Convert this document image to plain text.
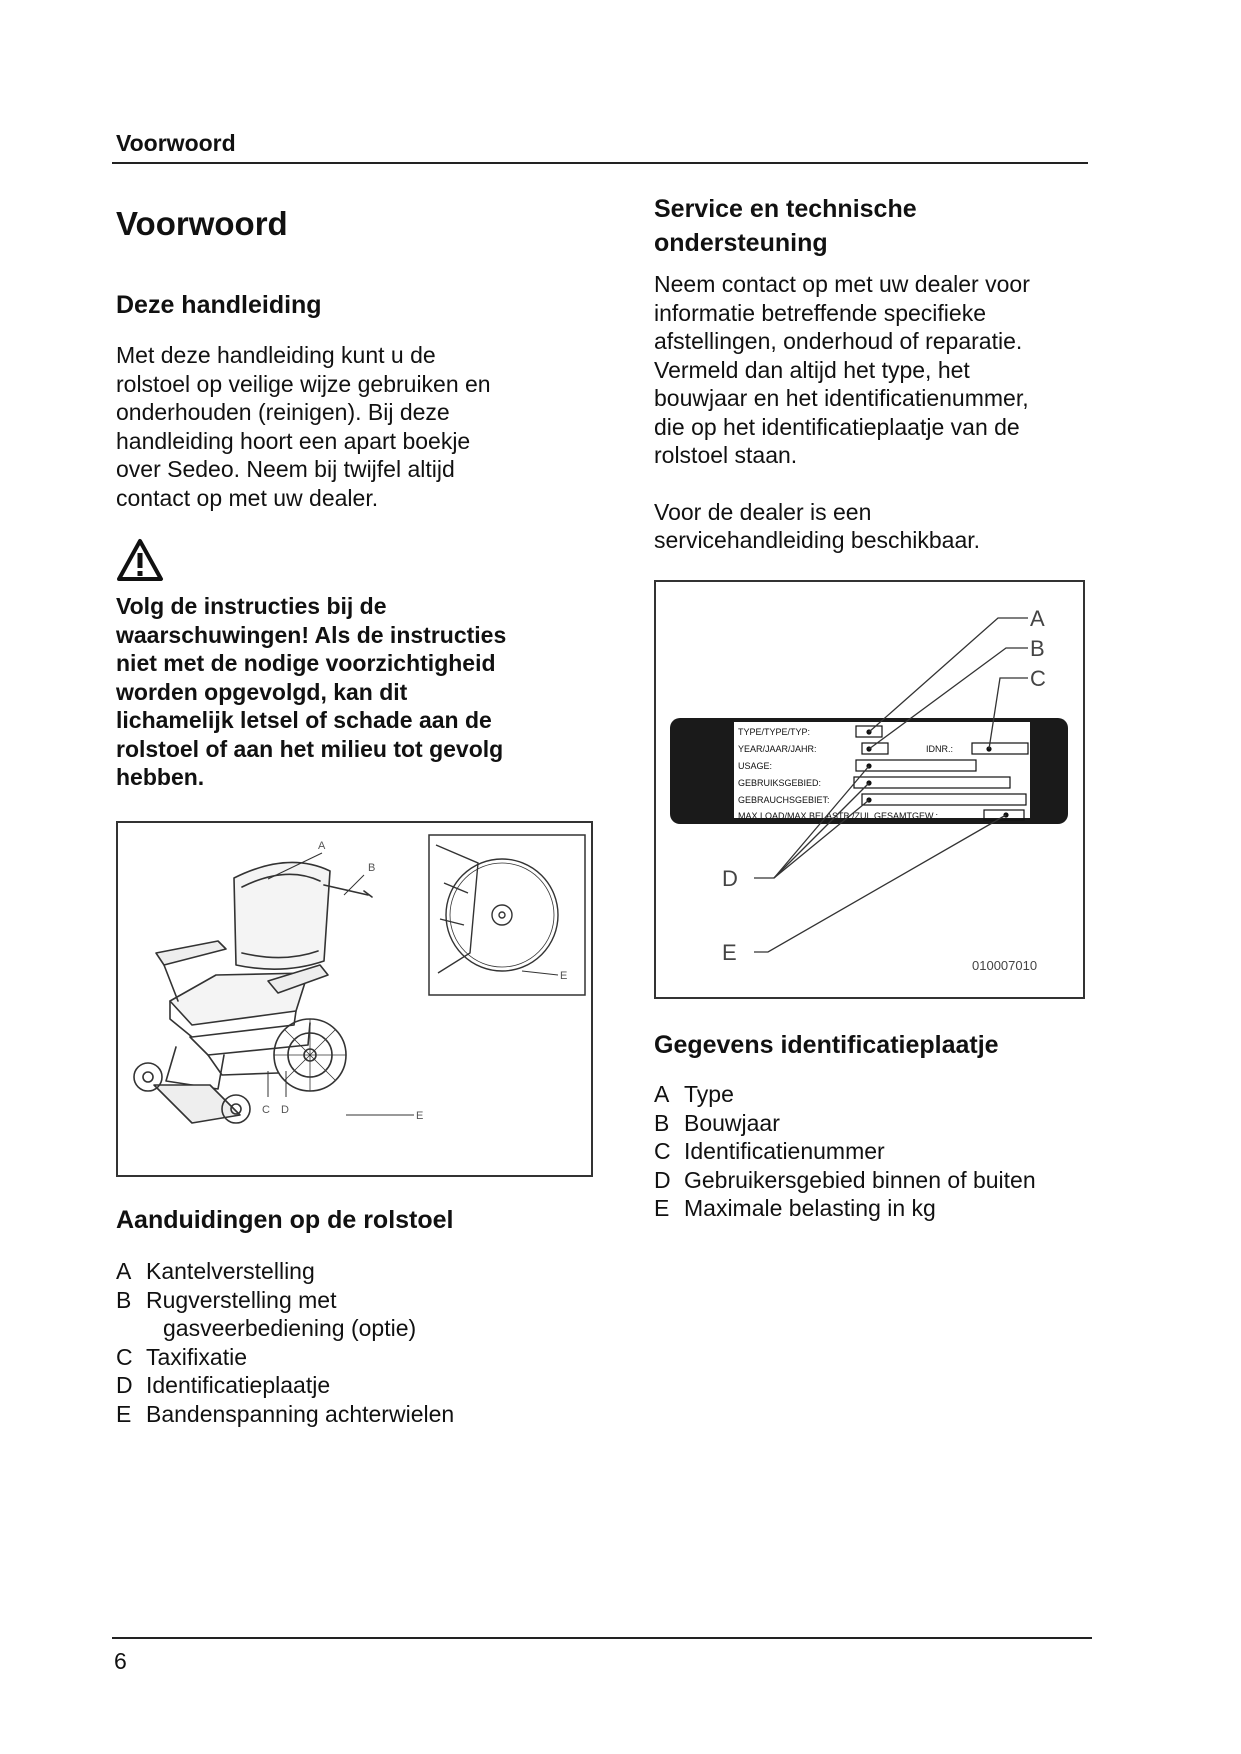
Voorwoord
Voorwoord
Deze handleiding
Met deze handleiding kunt u de
rolstoel op veilige wijze gebruiken en
onderhouden (reinigen). Bij deze
handleiding hoort een apart boekje
over Sedeo. Neem bij twijfel altijd
contact op met uw dealer.
Volg de instructies bij de
waarschuwingen! Als de instructies
niet met de nodige voorzichtigheid
worden opgevolgd, kan dit
lichamelijk letsel of schade aan de
rolstoel of aan het milieu tot gevolg
hebben.
A
B
C D	E
E
Aanduidingen op de rolstoel
A Kantelverstelling
B Rugverstelling met
gasveerbediening (optie)
C Taxifixatie
D Identificatieplaatje
E Bandenspanning achterwielen
Service en technische
ondersteuning
Neem contact op met uw dealer voor
informatie betreffende specifieke
afstellingen, onderhoud of reparatie.
Vermeld dan altijd het type, het
bouwjaar en het identificatienummer,
die op het identificatieplaatje van de
rolstoel staan.
Voor de dealer is een
servicehandleiding beschikbaar.
TYPE/TYPE/TYP:
YEAR/JAAR/JAHR:	IDNR.:
USAGE:
GEBRUIKSGEBIED:
GEBRAUCHSGEBIET:
MAX.LOAD/MAX.BELASTB./ZUL.GESAMTGEW.:
A
B
C
D
E
010007010
Gegevens identificatieplaatje
A Type
B Bouwjaar
C Identificatienummer
D Gebruikersgebied binnen of buiten
E Maximale belasting in kg
6
